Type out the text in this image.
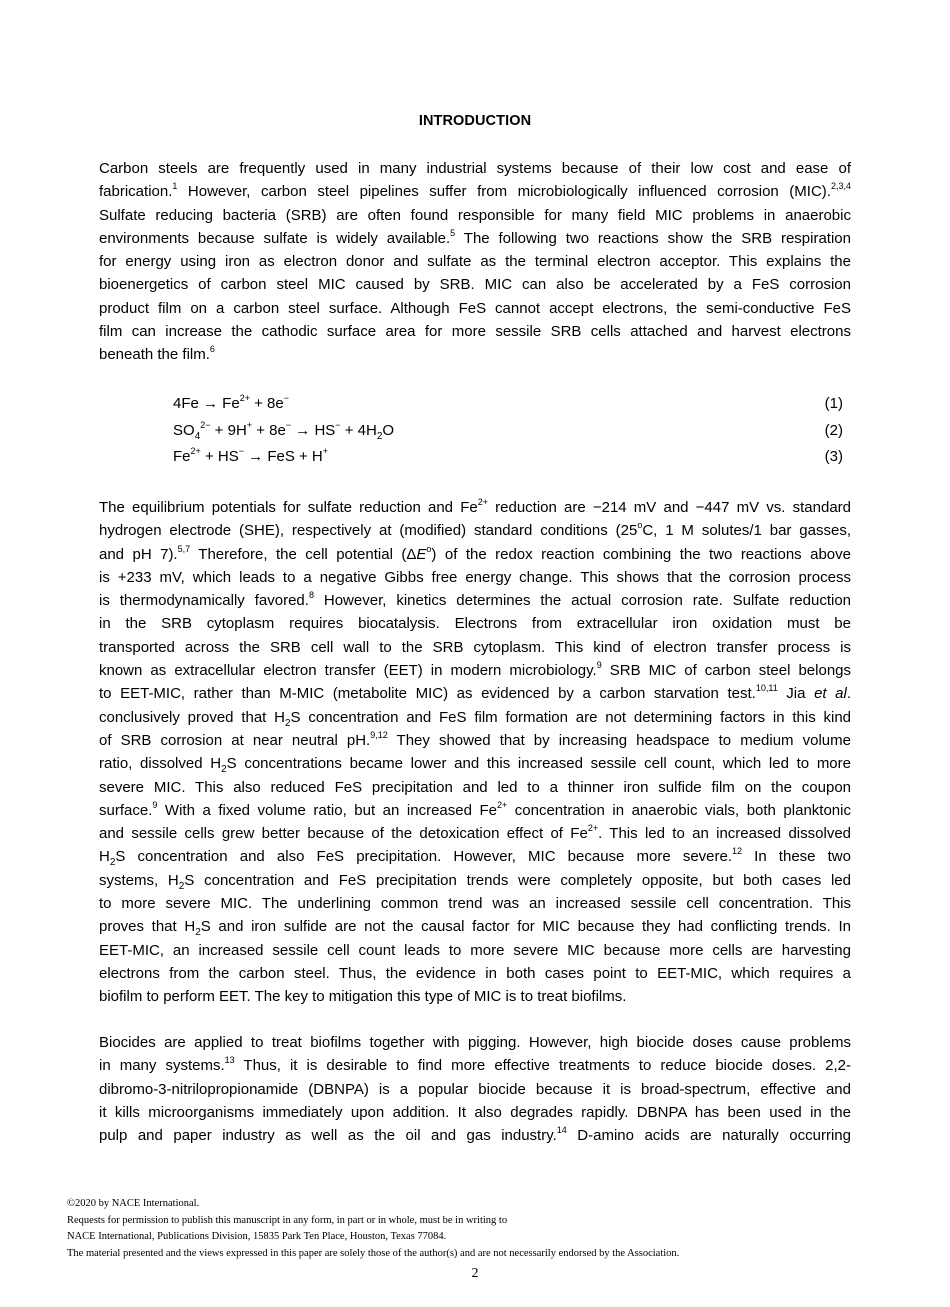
INTRODUCTION
Carbon steels are frequently used in many industrial systems because of their low cost and ease of
fabrication.$^1$ However, carbon steel pipelines suffer from microbiologically influenced corrosion (MIC).$^{2,3,4}$
Sulfate reducing bacteria (SRB) are often found responsible for many field MIC problems in anaerobic
environments because sulfate is widely available.$^5$ The following two reactions show the SRB respiration
for energy using iron as electron donor and sulfate as the terminal electron acceptor. This explains the
bioenergetics of carbon steel MIC caused by SRB. MIC can also be accelerated by a FeS corrosion
product film on a carbon steel surface. Although FeS cannot accept electrons, the semi-conductive FeS
film can increase the cathodic surface area for more sessile SRB cells attached and harvest electrons
beneath the film.$^6$
$4Fe \to Fe^{2+} + 8e^-$	(1)
$SO_4^{2-} + 9H^+ + 8e^- \to HS^- + 4H_2O$	(2)
$Fe^{2+} + HS^-$ → FeS + H+	(3)
The equilibrium potentials for sulfate reduction and $Fe^{2+}$ reduction are −214 mV and −447 mV vs. standard
hydrogen electrode (SHE), respectively at (modified) standard conditions (25$^o$C, 1 M solutes/1 bar gasses,
and pH 7).$^{5,7}$ Therefore, the cell potential $(\Delta E^o)$ of the redox reaction combining the two reactions above
is +233 mV, which leads to a negative Gibbs free energy change. This shows that the corrosion process
is thermodynamically favored.$^8$ However, kinetics determines the actual corrosion rate. Sulfate reduction
in the SRB cytoplasm requires biocatalysis. Electrons from extracellular iron oxidation must be
transported across the SRB cell wall to the SRB cytoplasm. This kind of electron transfer process is
known as extracellular electron transfer (EET) in modern microbiology.$^9$ SRB MIC of carbon steel belongs
to EET-MIC, rather than M-MIC (metabolite MIC) as evidenced by a carbon starvation test.$^{10,11}$ Jia et al.
conclusively proved that $H_2S$ concentration and FeS film formation are not determining factors in this kind
of SRB corrosion at near neutral pH.$^{9,12}$ They showed that by increasing headspace to medium volume
ratio, dissolved $H_2S$ concentrations became lower and this increased sessile cell count, which led to more
severe MIC. This also reduced FeS precipitation and led to a thinner iron sulfide film on the coupon
surface.$^9$ With a fixed volume ratio, but an increased $Fe^{2+}$ concentration in anaerobic vials, both planktonic
and sessile cells grew better because of the detoxication effect of $Fe^{2+}$. This led to an increased dissolved
$H_2S$ concentration and also FeS precipitation. However, MIC because more severe.$^{12}$ In these two
systems, $H_2S$ concentration and FeS precipitation trends were completely opposite, but both cases led
to more severe MIC. The underlining common trend was an increased sessile cell concentration. This
proves that $H_2S$ and iron sulfide are not the causal factor for MIC because they had conflicting trends. In
EET-MIC, an increased sessile cell count leads to more severe MIC because more cells are harvesting
electrons from the carbon steel. Thus, the evidence in both cases point to EET-MIC, which requires a
biofilm to perform EET. The key to mitigation this type of MIC is to treat biofilms.
Biocides are applied to treat biofilms together with pigging. However, high biocide doses cause problems
in many systems.$^{13}$ Thus, it is desirable to find more effective treatments to reduce biocide doses. 2,2-
dibromo-3-nitrilopropionamide (DBNPA) is a popular biocide because it is broad-spectrum, effective and
it kills microorganisms immediately upon addition. It also degrades rapidly. DBNPA has been used in the
pulp and paper industry as well as the oil and gas industry.$^{14}$ D-amino acids are naturally occurring
©2020 by NACE International.
Requests for permission to publish this manuscript in any form, in part or in whole, must be in writing to
NACE International, Publications Division, 15835 Park Ten Place, Houston, Texas 77084.
The material presented and the views expressed in this paper are solely those of the author(s) and are not necessarily endorsed by the Association.
2
